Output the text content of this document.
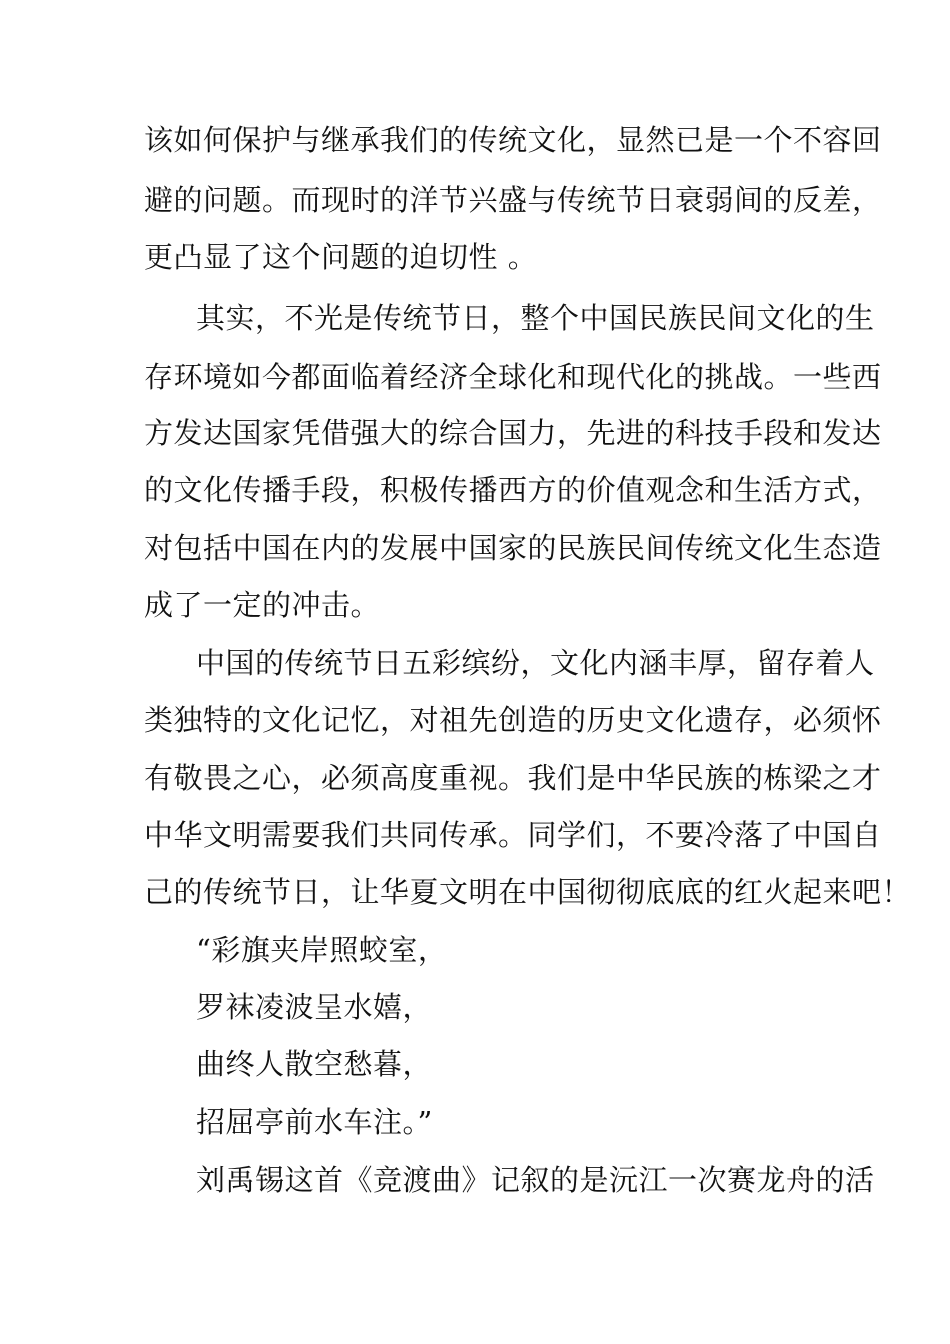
该如何保护与继承我们的传统文化，显然已是一个不容回
避的问题。而现时的洋节兴盛与传统节日衰弱间的反差，
更凸显了这个问题的迫切性 。
其实，不光是传统节日，整个中国民族民间文化的生
存环境如今都面临着经济全球化和现代化的挑战。一些西
方发达国家凭借强大的综合国力，先进的科技手段和发达
的文化传播手段，积极传播西方的价值观念和生活方式，
对包括中国在内的发展中国家的民族民间传统文化生态造
成了一定的冲击。
中国的传统节日五彩缤纷，文化内涵丰厚，留存着人
类独特的文化记忆，对祖先创造的历史文化遗存，必须怀
有敬畏之心，必须高度重视。我们是中华民族的栋梁之才
中华文明需要我们共同传承。同学们，不要冷落了中国自
己的传统节日，让华夏文明在中国彻彻底底的红火起来吧！
“彩旗夹岸照蛟室，
罗袜凌波呈水嬉，
曲终人散空愁暮，
招屈亭前水车注。”
刘禹锡这首《竞渡曲》记叙的是沅江一次赛龙舟的活
